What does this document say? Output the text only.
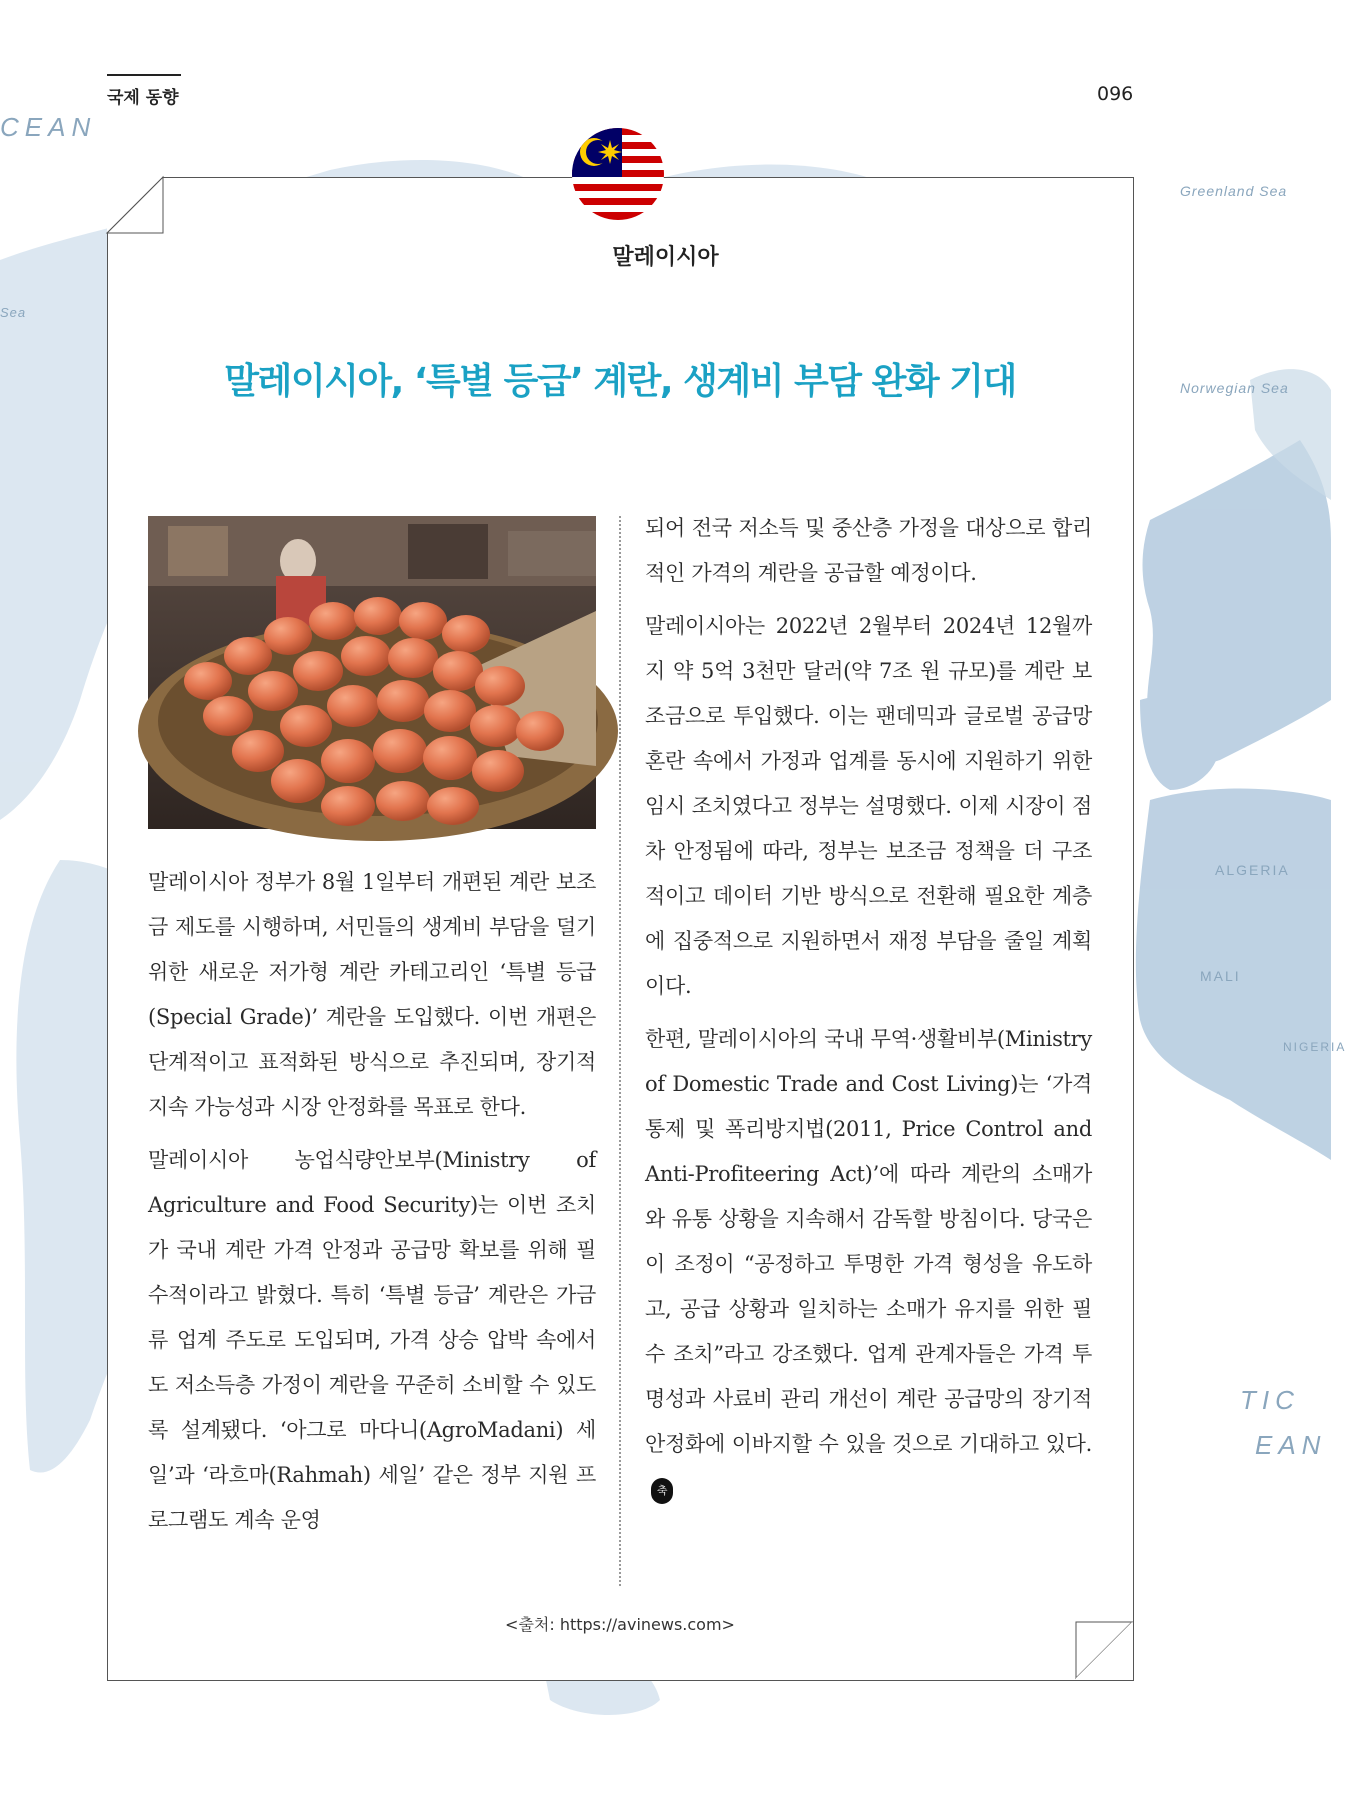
CEAN
Greenland Sea
Sea
Norwegian Sea
ALGERIA
MALI
NIGERIA
TIC
EAN
국제 동향	096
말레이시아
말레이시아, ‘특별 등급’ 계란, 생계비 부담 완화 기대

말레이시아 정부가 8월 1일부터 개편된 계란 보조금 제도를 시행하며, 서민들의 생계비 부담을 덜기 위한 새로운 저가형 계란 카테고리인 ‘특별 등급(Special Grade)’ 계란을 도입했다. 이번 개편은 단계적이고 표적화된 방식으로 추진되며, 장기적 지속 가능성과 시장 안정화를 목표로 한다.

말레이시아 농업식량안보부(Ministry of Agriculture and Food Security)는 이번 조치가 국내 계란 가격 안정과 공급망 확보를 위해 필수적이라고 밝혔다. 특히 ‘특별 등급’ 계란은 가금류 업계 주도로 도입되며, 가격 상승 압박 속에서도 저소득층 가정이 계란을 꾸준히 소비할 수 있도록 설계됐다. ‘아그로 마다니(AgroMadani) 세일’과 ‘라흐마(Rahmah) 세일’ 같은 정부 지원 프로그램도 계속 운영

되어 전국 저소득 및 중산층 가정을 대상으로 합리적인 가격의 계란을 공급할 예정이다.

말레이시아는 2022년 2월부터 2024년 12월까지 약 5억 3천만 달러(약 7조 원 규모)를 계란 보조금으로 투입했다. 이는 팬데믹과 글로벌 공급망 혼란 속에서 가정과 업계를 동시에 지원하기 위한 임시 조치였다고 정부는 설명했다. 이제 시장이 점차 안정됨에 따라, 정부는 보조금 정책을 더 구조적이고 데이터 기반 방식으로 전환해 필요한 계층에 집중적으로 지원하면서 재정 부담을 줄일 계획이다.

한편, 말레이시아의 국내 무역·생활비부(Ministry of Domestic Trade and Cost Living)는 ‘가격통제 및 폭리방지법(2011, Price Control and Anti-Profiteering Act)’에 따라 계란의 소매가와 유통 상황을 지속해서 감독할 방침이다. 당국은 이 조정이 “공정하고 투명한 가격 형성을 유도하고, 공급 상황과 일치하는 소매가 유지를 위한 필수 조치”라고 강조했다. 업계 관계자들은 가격 투명성과 사료비 관리 개선이 계란 공급망의 장기적 안정화에 이바지할 수 있을 것으로 기대하고 있다.축

<출처: https://avinews.com>
